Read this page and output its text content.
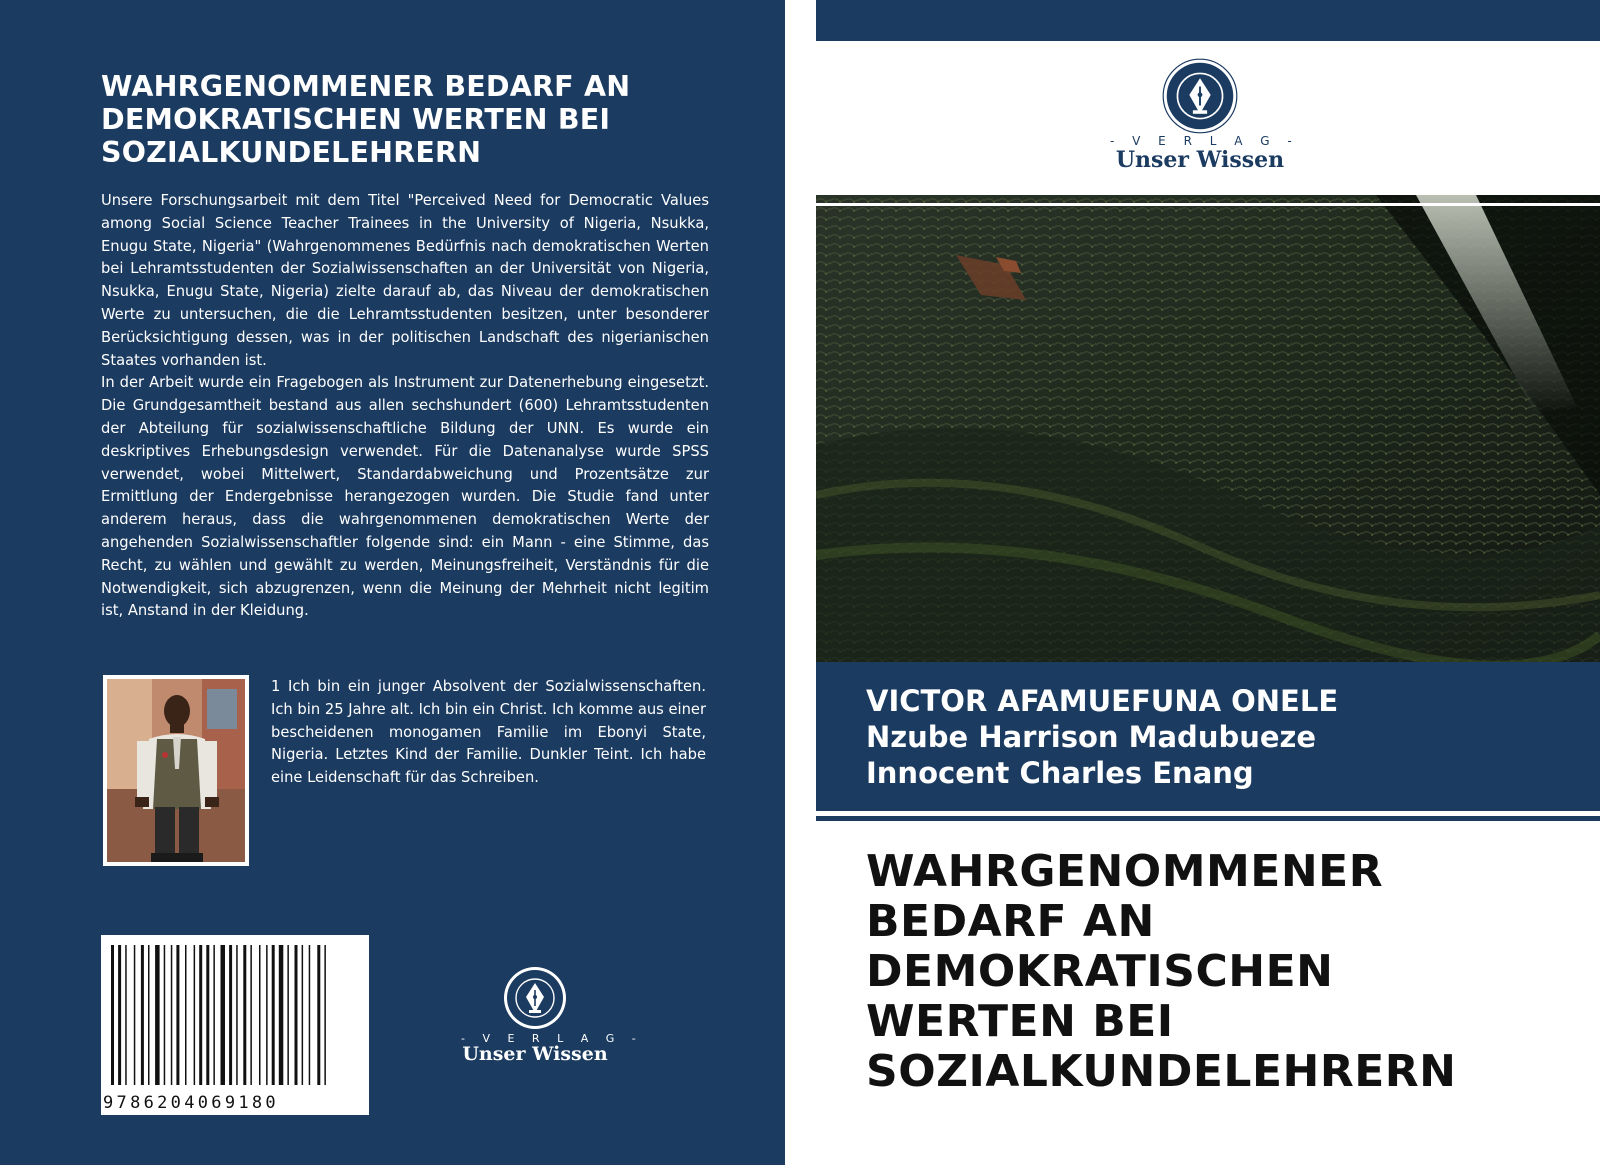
WAHRGENOMMENER BEDARF AN
DEMOKRATISCHEN WERTEN BEI
SOZIALKUNDELEHRERN

Unsere Forschungsarbeit mit dem Titel "Perceived Need for Democratic Values among Social Science Teacher Trainees in the University of Nigeria, Nsukka, Enugu State, Nigeria" (Wahrgenommenes Bedürfnis nach demokratischen Werten bei Lehramtsstudenten der Sozialwissenschaften an der Universität von Nigeria, Nsukka, Enugu State, Nigeria) zielte darauf ab, das Niveau der demokratischen Werte zu untersuchen, die die Lehramtsstudenten besitzen, unter besonderer Berücksichtigung dessen, was in der politischen Landschaft des nigerianischen Staates vorhanden ist.

In der Arbeit wurde ein Fragebogen als Instrument zur Datenerhebung eingesetzt. Die Grundgesamtheit bestand aus allen sechshundert (600) Lehramtsstudenten der Abteilung für sozialwissenschaftliche Bildung der UNN. Es wurde ein deskriptives Erhebungsdesign verwendet. Für die Datenanalyse wurde SPSS verwendet, wobei Mittelwert, Standardabweichung und Prozentsätze zur Ermittlung der Endergebnisse herangezogen wurden. Die Studie fand unter anderem heraus, dass die wahrgenommenen demokratischen Werte der angehenden Sozialwissenschaftler folgende sind: ein Mann - eine Stimme, das Recht, zu wählen und gewählt zu werden, Meinungsfreiheit, Verständnis für die Notwendigkeit, sich abzugrenzen, wenn die Meinung der Mehrheit nicht legitim ist, Anstand in der Kleidung.

1 Ich bin ein junger Absolvent der Sozialwissenschaften. Ich bin 25 Jahre alt. Ich bin ein Christ. Ich komme aus einer bescheidenen monogamen Familie im Ebonyi State, Nigeria. Letztes Kind der Familie. Dunkler Teint. Ich habe eine Leidenschaft für das Schreiben.
9786204069180
- V E R L A G -
Unser Wissen
- V E R L A G -
Unser Wissen
VICTOR AFAMUEFUNA ONELE
Nzube Harrison Madubueze
Innocent Charles Enang
WAHRGENOMMENER
BEDARF AN
DEMOKRATISCHEN
WERTEN BEI
SOZIALKUNDELEHRERN
